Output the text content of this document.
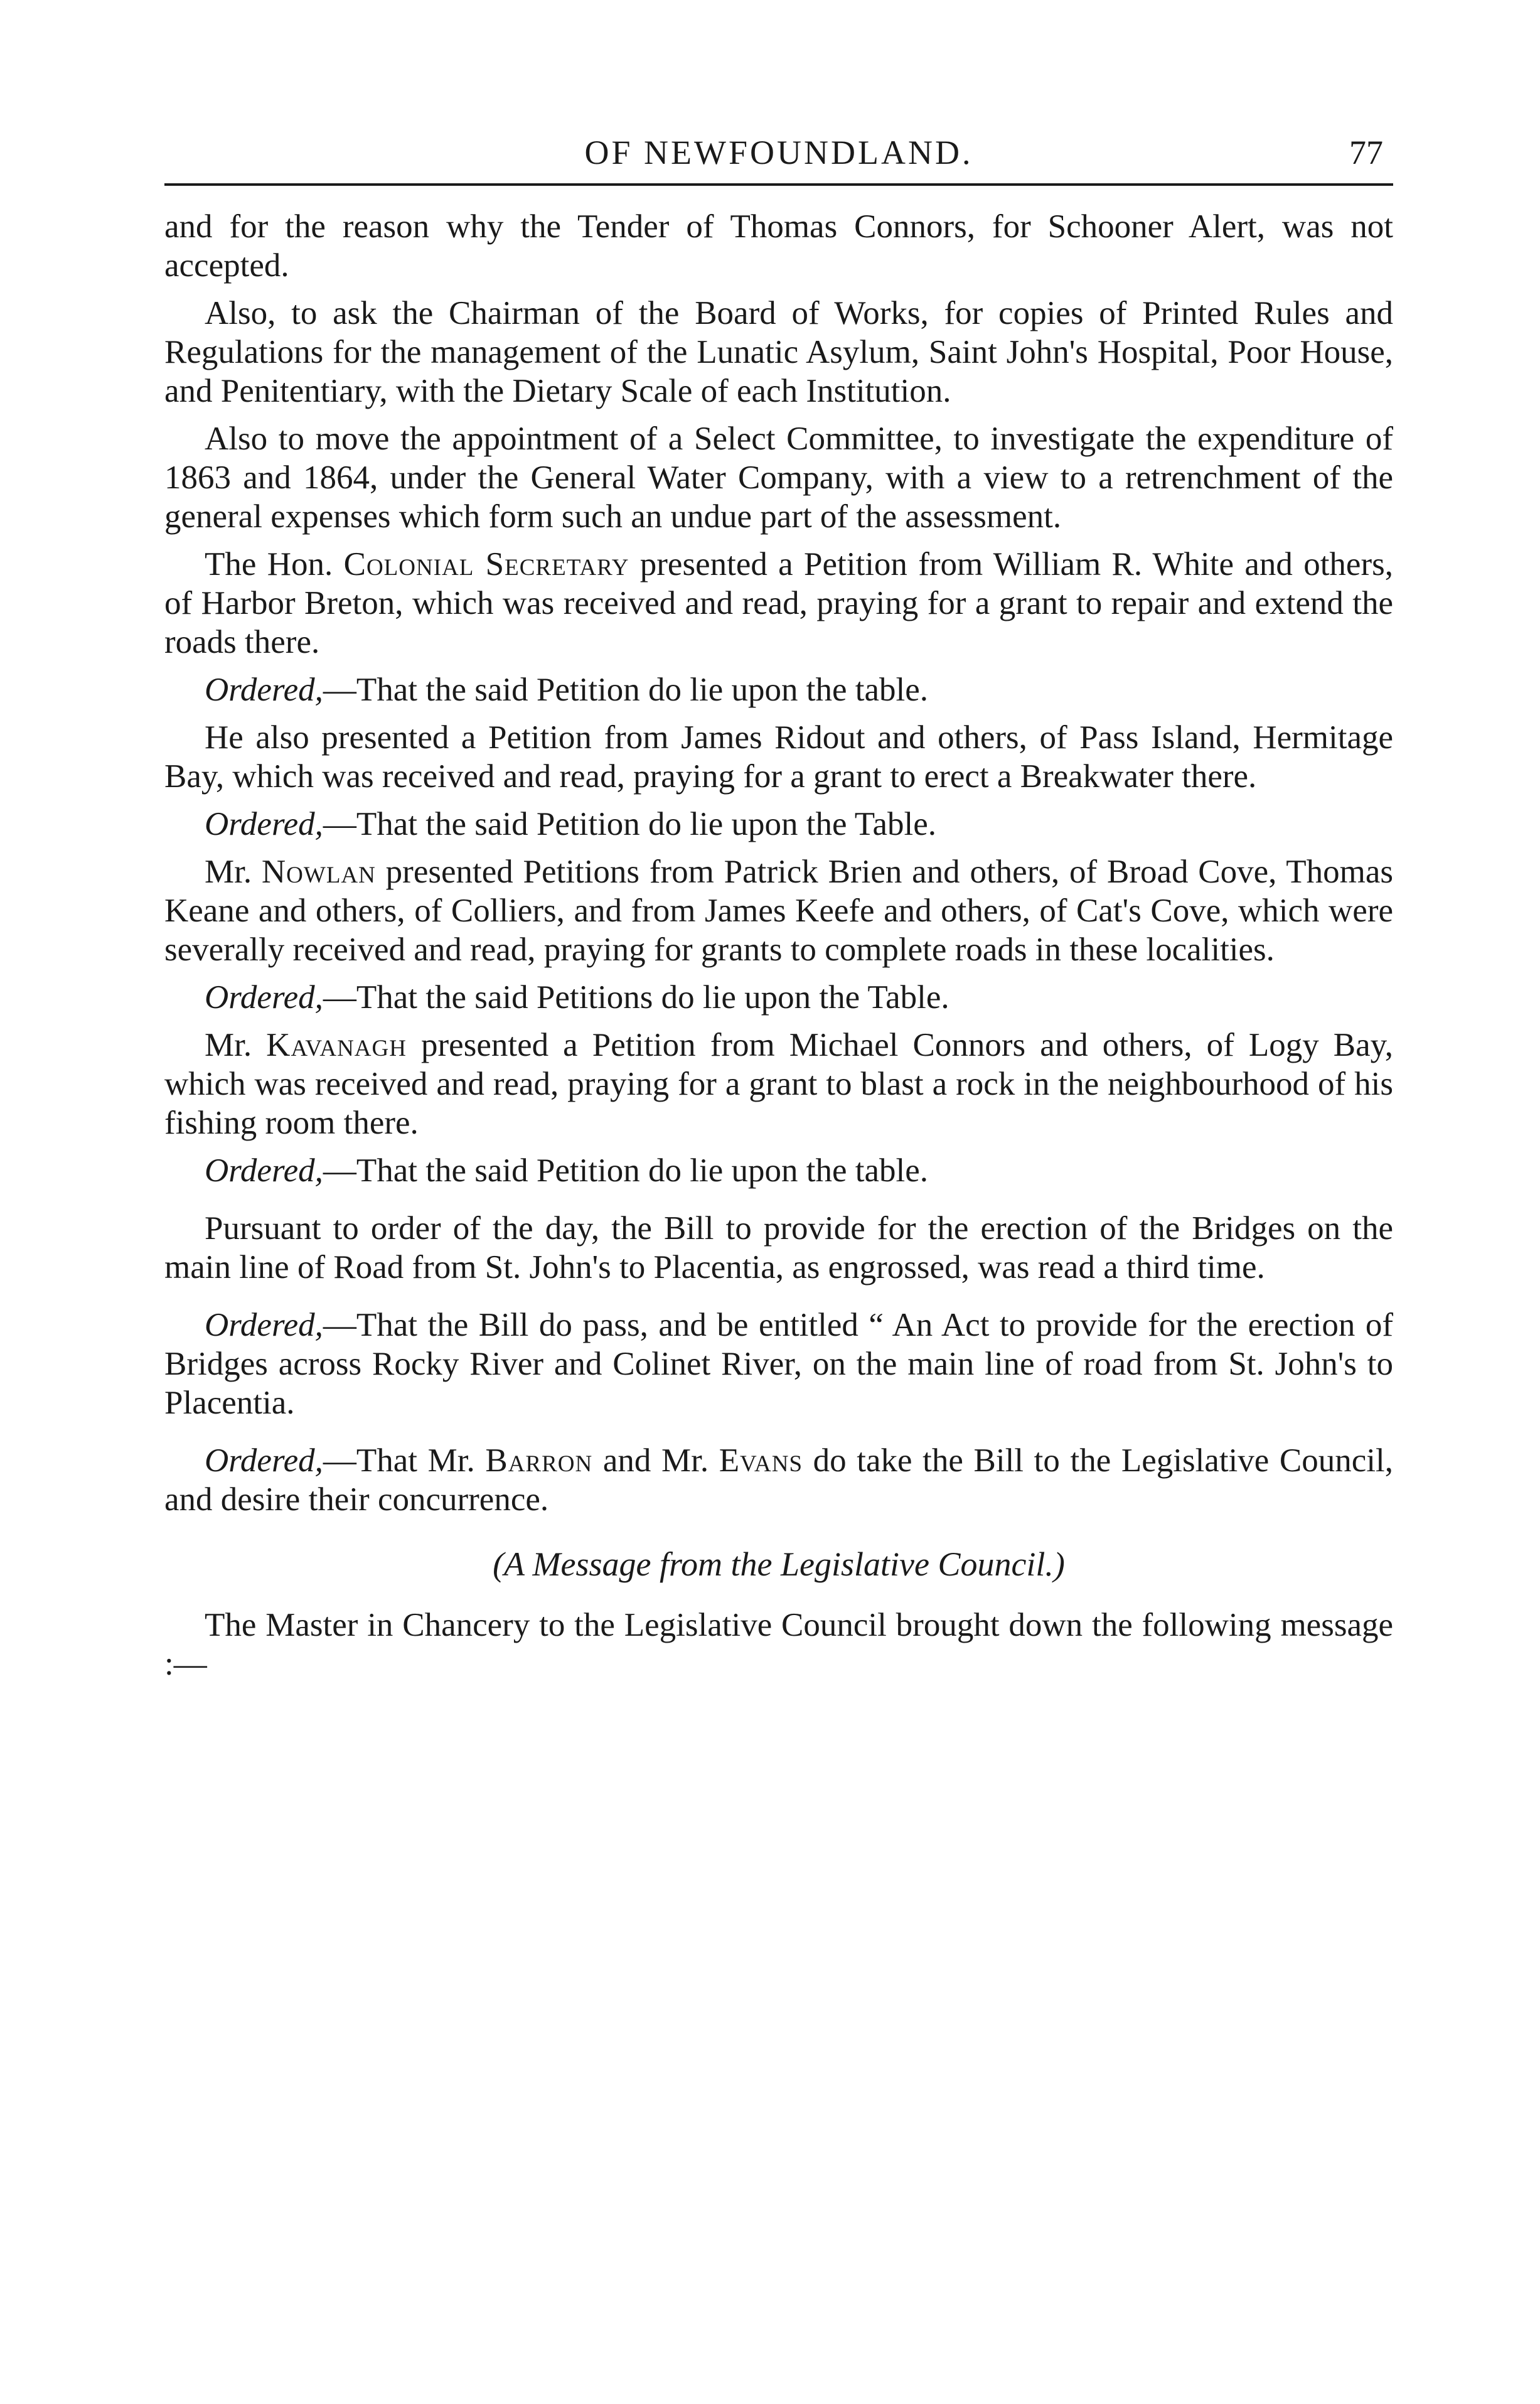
OF NEWFOUNDLAND.	77

and for the reason why the Tender of Thomas Connors, for Schooner Alert, was not accepted.

Also, to ask the Chairman of the Board of Works, for copies of Printed Rules and Regulations for the management of the Lunatic Asylum, Saint John's Hospital, Poor House, and Penitentiary, with the Dietary Scale of each Institution.

Also to move the appointment of a Select Committee, to investigate the expenditure of 1863 and 1864, under the General Water Company, with a view to a retrenchment of the general expenses which form such an undue part of the assessment.

The Hon. Colonial Secretary presented a Petition from William R. White and others, of Harbor Breton, which was received and read, praying for a grant to repair and extend the roads there.

Ordered,—That the said Petition do lie upon the table.

He also presented a Petition from James Ridout and others, of Pass Island, Hermitage Bay, which was received and read, praying for a grant to erect a Breakwater there.

Ordered,—That the said Petition do lie upon the Table.

Mr. Nowlan presented Petitions from Patrick Brien and others, of Broad Cove, Thomas Keane and others, of Colliers, and from James Keefe and others, of Cat's Cove, which were severally received and read, praying for grants to complete roads in these localities.

Ordered,—That the said Petitions do lie upon the Table.

Mr. Kavanagh presented a Petition from Michael Connors and others, of Logy Bay, which was received and read, praying for a grant to blast a rock in the neighbourhood of his fishing room there.

Ordered,—That the said Petition do lie upon the table.

Pursuant to order of the day, the Bill to provide for the erection of the Bridges on the main line of Road from St. John's to Placentia, as engrossed, was read a third time.

Ordered,—That the Bill do pass, and be entitled “ An Act to provide for the erection of Bridges across Rocky River and Colinet River, on the main line of road from St. John's to Placentia.

Ordered,—That Mr. Barron and Mr. Evans do take the Bill to the Legislative Council, and desire their concurrence.

(A Message from the Legislative Council.)

The Master in Chancery to the Legislative Council brought down the following message :—
